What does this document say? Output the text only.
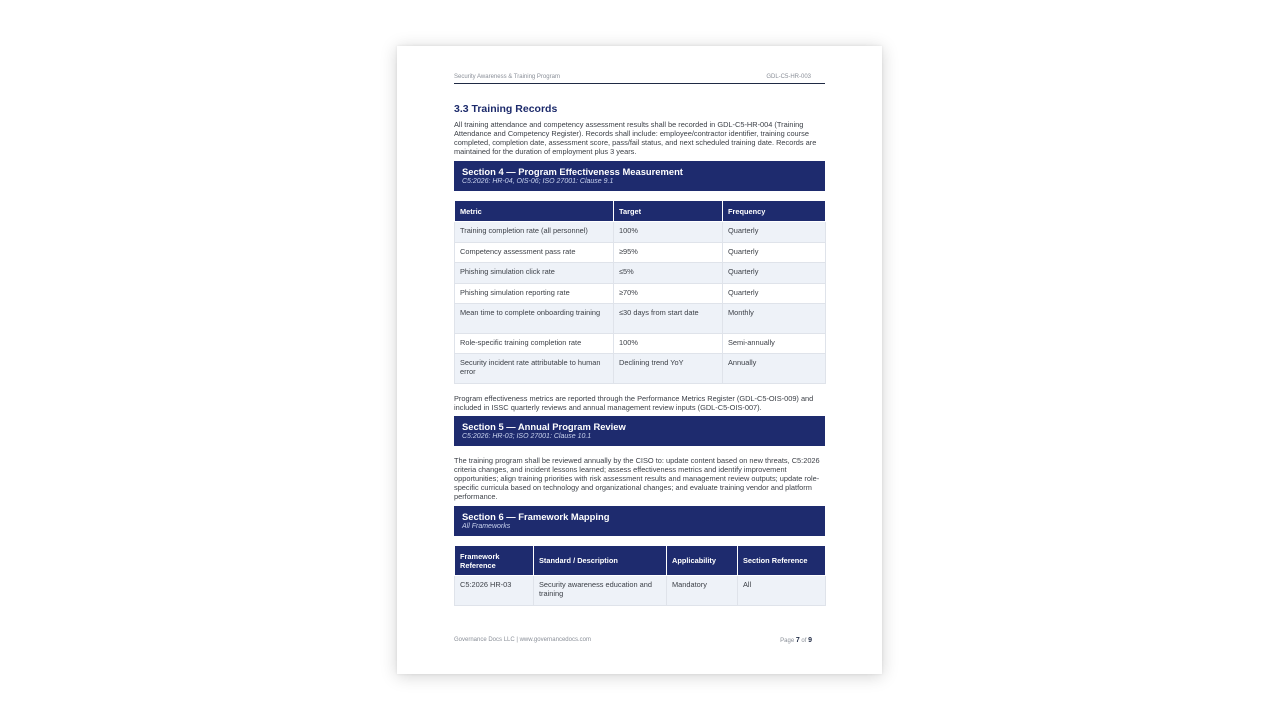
Security Awareness & Training Program	GDL-C5-HR-003
3.3 Training Records

All training attendance and competency assessment results shall be recorded in GDL-C5-HR-004 (Training Attendance and Competency Register). Records shall include: employee/contractor identifier, training course completed, completion date, assessment score, pass/fail status, and next scheduled training date. Records are maintained for the duration of employment plus 3 years.

Section 4 — Program Effectiveness Measurement
C5:2026: HR-04, OIS-06; ISO 27001: Clause 9.1
Metric	Target	Frequency
Training completion rate (all personnel)	100%	Quarterly
Competency assessment pass rate	≥95%	Quarterly
Phishing simulation click rate	≤5%	Quarterly
Phishing simulation reporting rate	≥70%	Quarterly
Mean time to complete onboarding training	≤30 days from start date	Monthly
Role-specific training completion rate	100%	Semi-annually
Security incident rate attributable to human error	Declining trend YoY	Annually

Program effectiveness metrics are reported through the Performance Metrics Register (GDL-C5-OIS-009) and included in ISSC quarterly reviews and annual management review inputs (GDL-C5-OIS-007).

Section 5 — Annual Program Review
C5:2026: HR-03; ISO 27001: Clause 10.1

The training program shall be reviewed annually by the CISO to: update content based on new threats, C5:2026 criteria changes, and incident lessons learned; assess effectiveness metrics and identify improvement opportunities; align training priorities with risk assessment results and management review outputs; update role-specific curricula based on technology and organizational changes; and evaluate training vendor and platform performance.

Section 6 — Framework Mapping
All Frameworks
Framework Reference	Standard / Description	Applicability	Section Reference
C5:2026 HR-03	Security awareness education and training	Mandatory	All
Governance Docs LLC | www.governancedocs.com	Page 7 of 9
